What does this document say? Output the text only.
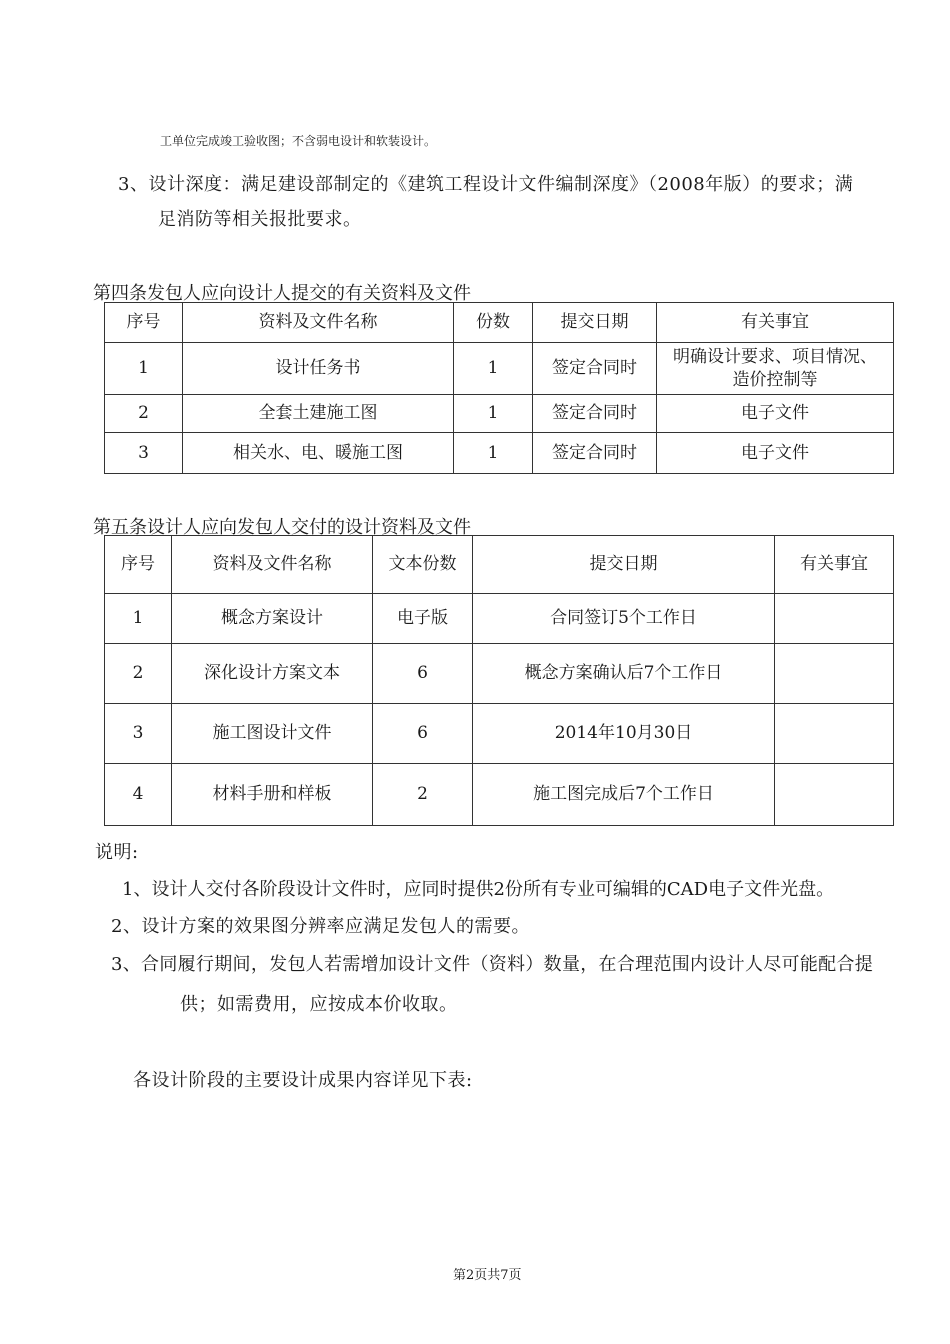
工单位完成竣工验收图；不含弱电设计和软装设计。
3、设计深度：满足建设部制定的《建筑工程设计文件编制深度》（2008年版）的要求；满
足消防等相关报批要求。
第四条发包人应向设计人提交的有关资料及文件
序号	资料及文件名称	份数	提交日期	有关事宜
1	设计任务书	1	签定合同时	明确设计要求、项目情况、造价控制等
2	全套土建施工图	1	签定合同时	电子文件
3	相关水、电、暖施工图	1	签定合同时	电子文件
第五条设计人应向发包人交付的设计资料及文件
序号	资料及文件名称	文本份数	提交日期	有关事宜
1	概念方案设计	电子版	合同签订5个工作日	
2	深化设计方案文本	6	概念方案确认后7个工作日	
3	施工图设计文件	6	2014年10月30日	
4	材料手册和样板	2	施工图完成后7个工作日	
说明:
1、设计人交付各阶段设计文件时，应同时提供2份所有专业可编辑的CAD电子文件光盘。
2、设计方案的效果图分辨率应满足发包人的需要。
3、合同履行期间，发包人若需增加设计文件（资料）数量，在合理范围内设计人尽可能配合提
供；如需费用，应按成本价收取。
各设计阶段的主要设计成果内容详见下表:
第2页共7页
